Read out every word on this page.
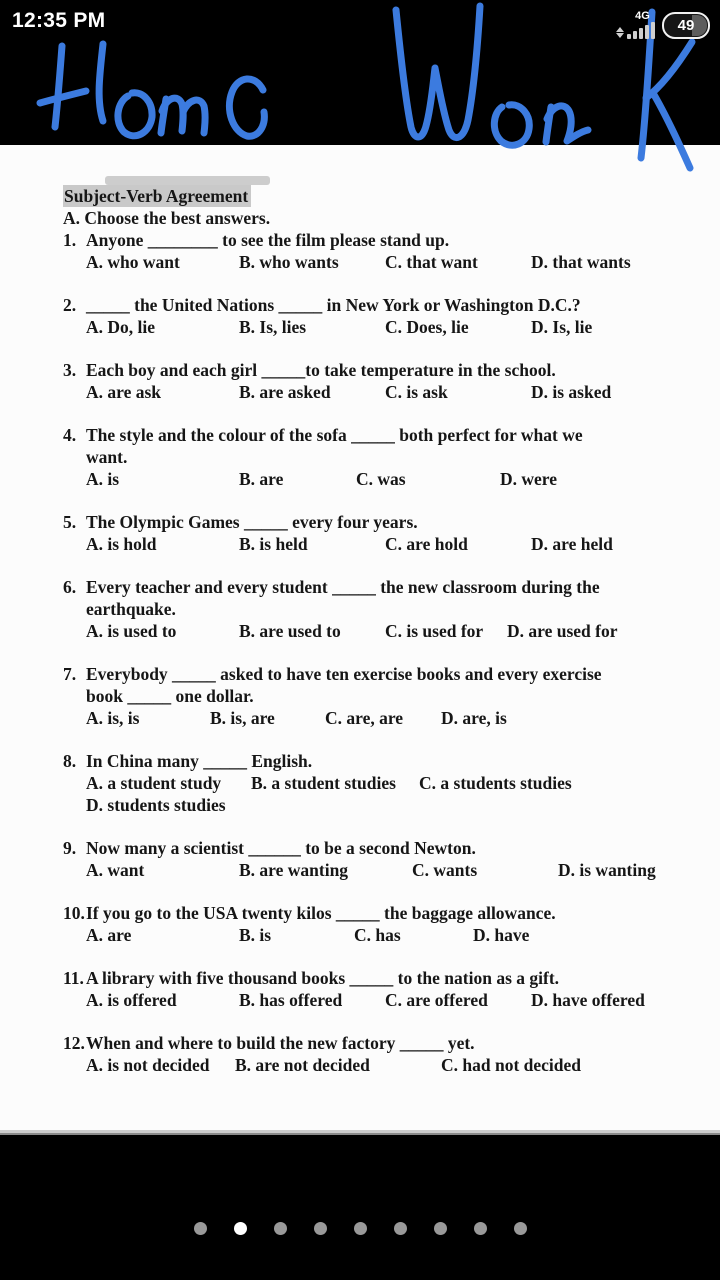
12:35 PM	4G
49
Subject-Verb Agreement
A. Choose the best answers.
1. Anyone ________ to see the film please stand up.
A. who want	B. who wants	C. that want	D. that wants
2. _____ the United Nations _____ in New York or Washington D.C.?
A. Do, lie	B. Is, lies	C. Does, lie	D. Is, lie
3. Each boy and each girl _____to take temperature in the school.
A. are ask	B. are asked	C. is ask	D. is asked
4. The style and the colour of the sofa _____ both perfect for what we
want.
A. is	B. are	C. was	D. were
5. The Olympic Games _____ every four years.
A. is hold	B. is held	C. are hold	D. are held
6. Every teacher and every student _____ the new classroom during the
earthquake.
A. is used to	B. are used to	C. is used for	D. are used for
7. Everybody _____ asked to have ten exercise books and every exercise
book _____ one dollar.
A. is, is	B. is, are	C. are, are	D. are, is
8. In China many _____ English.
A. a student study	B. a student studies	C. a students studies
D. students studies
9. Now many a scientist ______ to be a second Newton.
A. want	B. are wanting	C. wants	D. is wanting
10. If you go to the USA twenty kilos _____ the baggage allowance.
A. are	B. is	C. has	D. have
11. A library with five thousand books _____ to the nation as a gift.
A. is offered	B. has offered	C. are offered	D. have offered
12. When and where to build the new factory _____ yet.
A. is not decided	B. are not decided	C. had not decided
